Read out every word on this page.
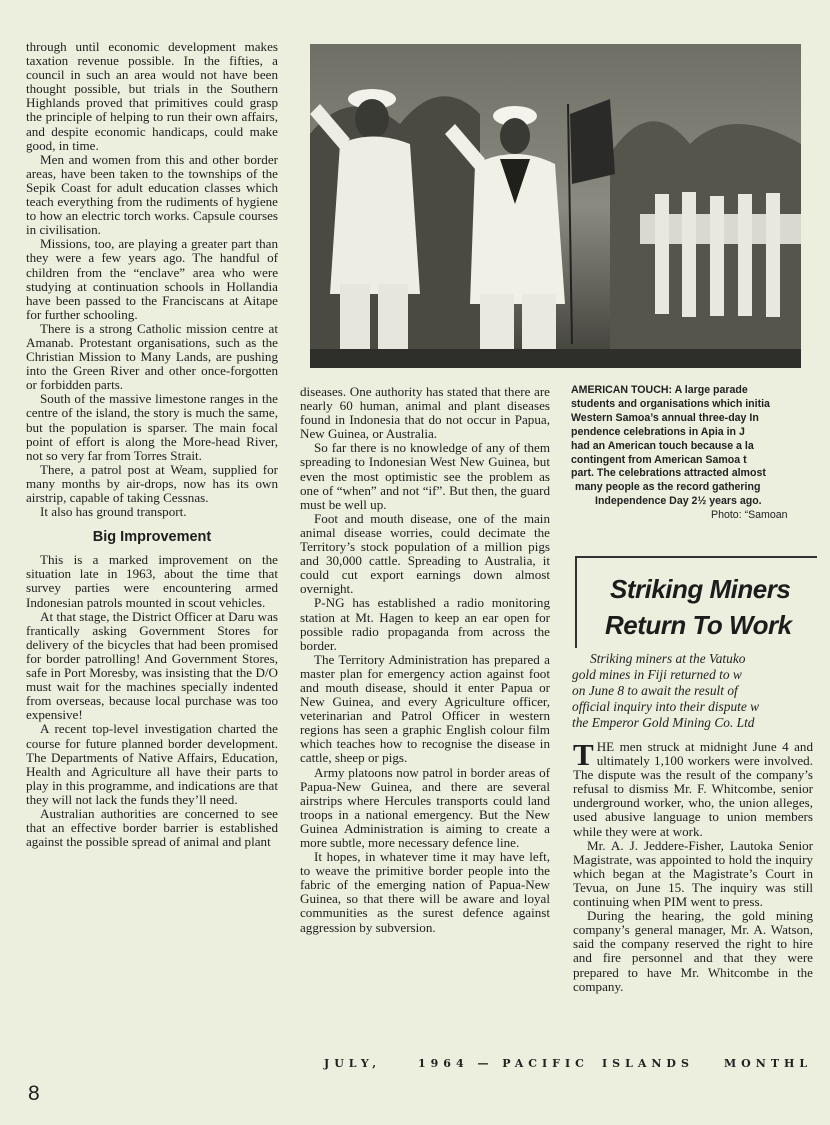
through until economic development makes taxation revenue possible. In the fifties, a council in such an area would not have been thought possible, but trials in the Southern Highlands proved that primitives could grasp the principle of helping to run their own affairs, and despite economic handicaps, could make good, in time.

Men and women from this and other border areas, have been taken to the townships of the Sepik Coast for adult education classes which teach everything from the rudiments of hygiene to how an electric torch works. Capsule courses in civilisation.

Missions, too, are playing a greater part than they were a few years ago. The handful of children from the “enclave” area who were studying at continuation schools in Hollandia have been passed to the Franciscans at Aitape for further schooling.

There is a strong Catholic mission centre at Amanab. Protestant organisations, such as the Christian Mission to Many Lands, are pushing into the Green River and other once-forgotten or forbidden parts.

South of the massive limestone ranges in the centre of the island, the story is much the same, but the population is sparser. The main focal point of effort is along the More-head River, not so very far from Torres Strait.

There, a patrol post at Weam, supplied for many months by air-drops, now has its own airstrip, capable of taking Cessnas.

It also has ground transport.

Big Improvement

This is a marked improvement on the situation late in 1963, about the time that survey parties were encountering armed Indonesian patrols mounted in scout vehicles.

At that stage, the District Officer at Daru was frantically asking Government Stores for delivery of the bicycles that had been promised for border patrolling! And Government Stores, safe in Port Moresby, was insisting that the D/O must wait for the machines specially indented from overseas, because local purchase was too expensive!

A recent top-level investigation charted the course for future planned border development. The Departments of Native Affairs, Education, Health and Agriculture all have their parts to play in this programme, and indications are that they will not lack the funds they’ll need.

Australian authorities are concerned to see that an effective border barrier is established against the possible spread of animal and plant

diseases. One authority has stated that there are nearly 60 human, animal and plant diseases found in Indonesia that do not occur in Papua, New Guinea, or Australia.

So far there is no knowledge of any of them spreading to Indonesian West New Guinea, but even the most optimistic see the problem as one of “when” and not “if”. But then, the guard must be well up.

Foot and mouth disease, one of the main animal disease worries, could decimate the Territory’s stock population of a million pigs and 30,000 cattle. Spreading to Australia, it could cut export earnings down almost overnight.

P-NG has established a radio monitoring station at Mt. Hagen to keep an ear open for possible radio propaganda from across the border.

The Territory Administration has prepared a master plan for emergency action against foot and mouth disease, should it enter Papua or New Guinea, and every Agriculture officer, veterinarian and Patrol Officer in western regions has seen a graphic English colour film which teaches how to recognise the disease in cattle, sheep or pigs.

Army platoons now patrol in border areas of Papua-New Guinea, and there are several airstrips where Hercules transports could land troops in a national emergency. But the New Guinea Administration is aiming to create a more subtle, more necessary defence line.

It hopes, in whatever time it may have left, to weave the primitive border people into the fabric of the emerging nation of Papua-New Guinea, so that there will be aware and loyal communities as the surest defence against aggression by subversion.

AMERICAN TOUCH: A large parade
students and organisations which initia
Western Samoa’s annual three-day In
pendence celebrations in Apia in J
had an American touch because a la
contingent from American Samoa t
part. The celebrations attracted almost
many people as the record gathering
Independence Day 2½ years ago.
Photo: “Samoan
Striking Miners
Return To Work
Striking miners at the Vatuko
gold mines in Fiji returned to w
on June 8 to await the result of
official inquiry into their dispute w
the Emperor Gold Mining Co. Ltd

THE men struck at midnight June 4 and ultimately 1,100 workers were involved. The dispute was the result of the company’s refusal to dismiss Mr. F. Whitcombe, senior underground worker, who, the union alleges, used abusive language to union members while they were at work.

Mr. A. J. Jeddere-Fisher, Lautoka Senior Magistrate, was appointed to hold the inquiry which began at the Magistrate’s Court in Tevua, on June 15. The inquiry was still continuing when PIM went to press.

During the hearing, the gold mining company’s general manager, Mr. A. Watson, said the company reserved the right to hire and fire personnel and that they were prepared to have Mr. Whitcombe in the company.

8
JULY,	1964 — PACIFIC ISLANDS	MONTHL
